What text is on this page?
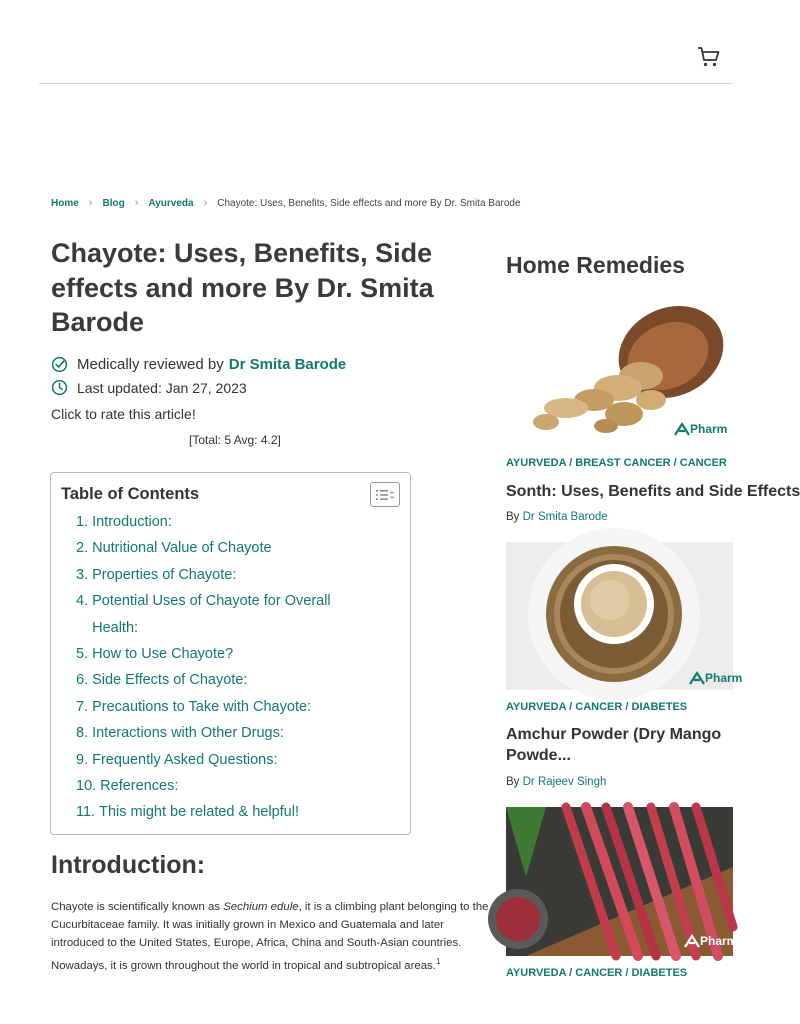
Home › Blog › Ayurveda › Chayote: Uses, Benefits, Side effects and more By Dr. Smita Barode
Chayote: Uses, Benefits, Side effects and more By Dr. Smita Barode
Medically reviewed by Dr Smita Barode
Last updated: Jan 27, 2023
Click to rate this article!
[Total: 5 Avg: 4.2]
Table of Contents
1. Introduction:
2. Nutritional Value of Chayote
3. Properties of Chayote:
4. Potential Uses of Chayote for Overall Health:
5. How to Use Chayote?
6. Side Effects of Chayote:
7. Precautions to Take with Chayote:
8. Interactions with Other Drugs:
9. Frequently Asked Questions:
10. References:
11. This might be related & helpful!
Introduction:

Chayote is scientifically known as Sechium edule, it is a climbing plant belonging to the Cucurbitaceae family. It was initially grown in Mexico and Guatemala and later introduced to the United States, Europe, Africa, China and South-Asian countries. Nowadays, it is grown throughout the world in tropical and subtropical areas.$^1$

Home Remedies
Pharm
AYURVEDA / BREAST CANCER / CANCER
Sonth: Uses, Benefits and Side Effects
By Dr Smita Barode
Pharm
AYURVEDA / CANCER / DIABETES
Amchur Powder (Dry Mango Powde...
By Dr Rajeev Singh
Pharm
AYURVEDA / CANCER / DIABETES
